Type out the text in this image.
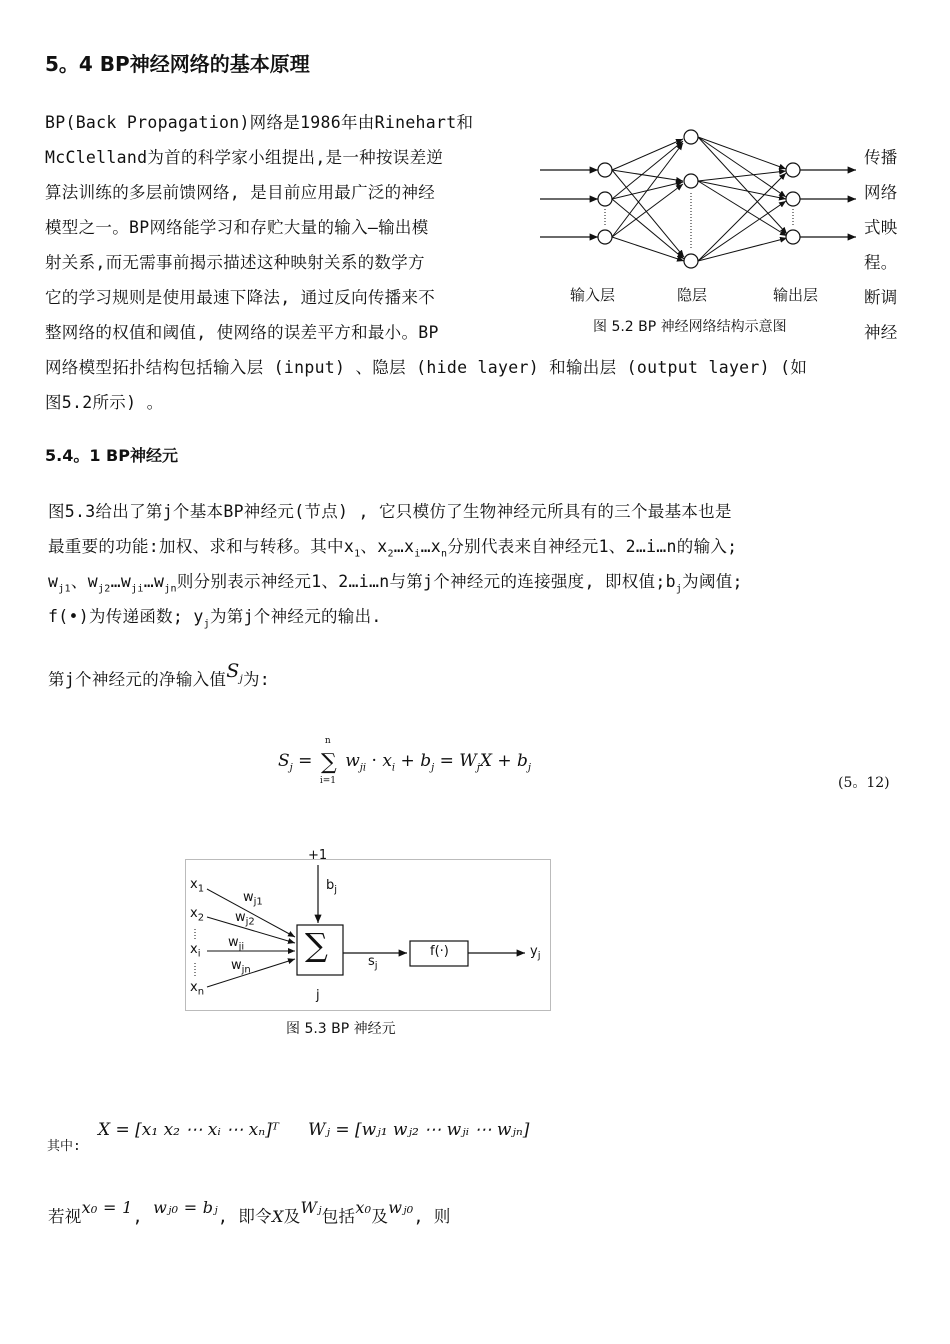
5。4 BP神经网络的基本原理
BP(Back Propagation)网络是1986年由Rinehart和
McClelland为首的科学家小组提出,是一种按误差逆
算法训练的多层前馈网络, 是目前应用最广泛的神经
模型之一。BP网络能学习和存贮大量的输入—输出模
射关系,而无需事前揭示描述这种映射关系的数学方
它的学习规则是使用最速下降法, 通过反向传播来不
整网络的权值和阈值, 使网络的误差平方和最小。BP
网络模型拓扑结构包括输入层 (input) 、隐层 (hide layer) 和输出层 (output layer) (如
图5.2所示) 。
传播
网络
式映
程。
断调
神经
输入层	隐层	输出层
图 5.2 BP 神经网络结构示意图
5.4。1 BP神经元
图5.3给出了第j个基本BP神经元(节点) , 它只模仿了生物神经元所具有的三个最基本也是
最重要的功能:加权、求和与转移。其中$x_1$、$x_2\dots x_i\dots x_n$分别代表来自神经元1、2…i…n的输入;
$w_{j1}$、$w_{j2}\dots w_{ji}\dots w_{jn}$则分别表示神经元1、2…i…n与第j个神经元的连接强度, 即权值$;b_j$为阈值;
f(•)为传递函数; $y_j$为第j个神经元的输出.
第j个神经元的净输入值$S_j$为:
$S_j$ = ∑
n
i=1
$w_{ji} \cdot x_i + b_j = W_jX + b_j$
(5。12)
+1
$b_j$
$x_1$
$x_2$
$x_i$
$x_n$
$w_{j1}$
$w_{j2}$
$w_{ji}$
$w_{jn}$
∑	$s_j$
f(·)	$y_j$
j
图 5.3 BP 神经元
其中:
X = [x₁ x₂ ⋯ xᵢ ⋯ xₙ]ᵀ Wⱼ = [wⱼ₁ wⱼ₂ ⋯ wⱼᵢ ⋯ wⱼₙ]
若视x₀ = 1, wⱼ₀ = bⱼ, 即令X及Wⱼ包括x₀及wⱼ₀, 则
